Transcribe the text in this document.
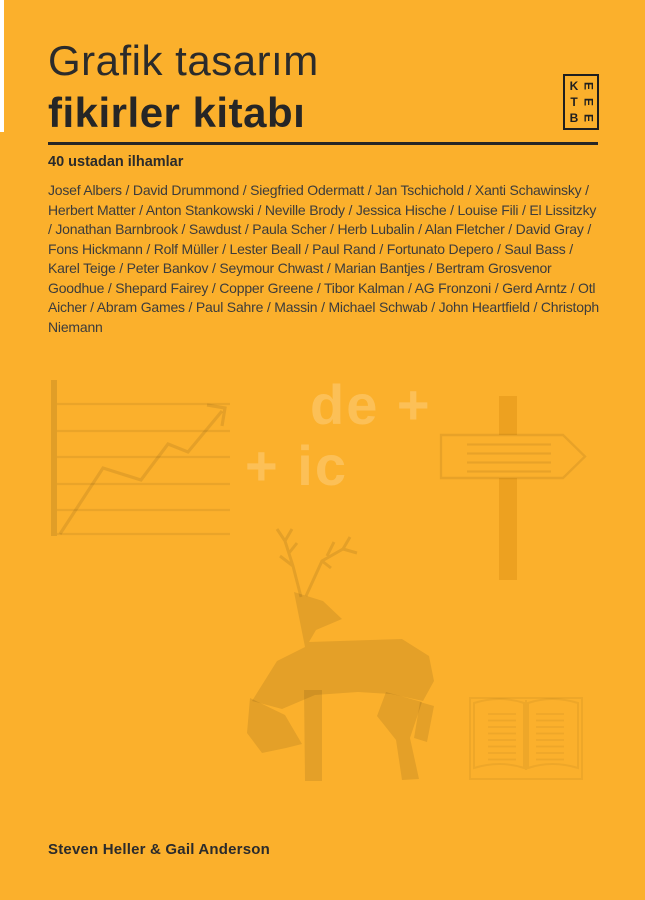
Grafik tasarım
fikirler kitabı
K
T
B
E
E
E
40 ustadan ilhamlar
Josef Albers / David Drummond / Siegfried Odermatt / Jan Tschichold / Xanti Schawinsky / Herbert Matter / Anton Stankowski / Neville Brody / Jessica Hische / Louise Fili / El Lissitzky / Jonathan Barnbrook / Sawdust / Paula Scher / Herb Lubalin / Alan Fletcher / David Gray / Fons Hickmann / Rolf Müller / Lester Beall / Paul Rand / Fortunato Depero / Saul Bass / Karel Teige / Peter Bankov / Seymour Chwast / Marian Bantjes / Bertram Grosvenor Goodhue / Shepard Fairey / Copper Greene / Tibor Kalman / AG Fronzoni / Gerd Arntz / Otl Aicher / Abram Games / Paul Sahre / Massin / Michael Schwab / John Heartfield / Christoph Niemann
de +
+ ic
Steven Heller & Gail Anderson
